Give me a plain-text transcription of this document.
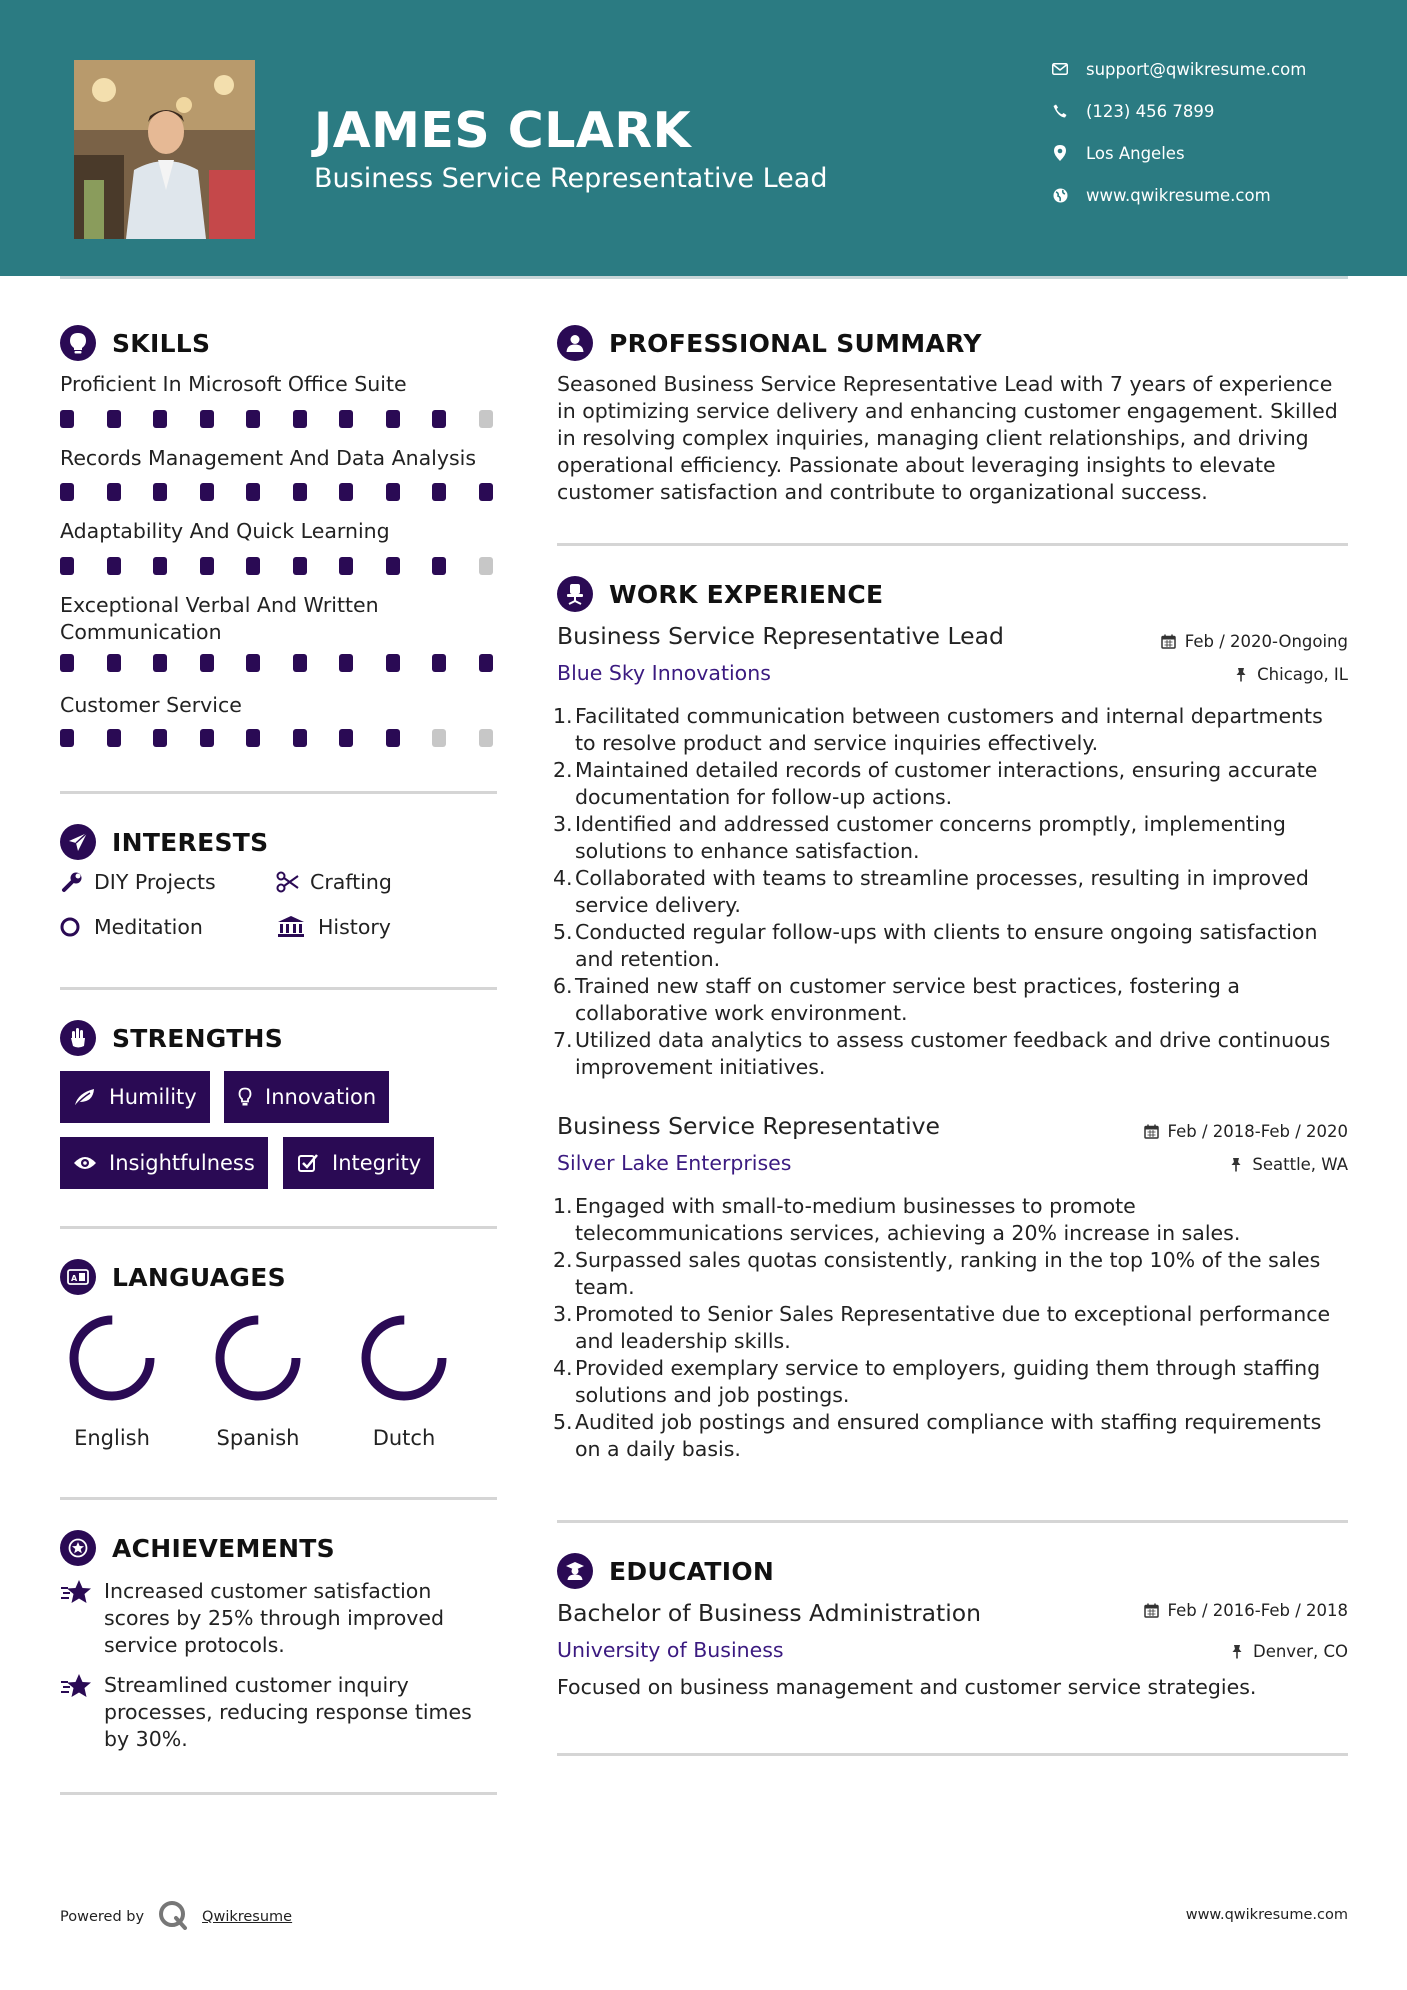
JAMES CLARK
Business Service Representative Lead
support@qwikresume.com
(123) 456 7899
Los Angeles
www.qwikresume.com
SKILLS
Proficient In Microsoft Office Suite
Records Management And Data Analysis
Adaptability And Quick Learning
Exceptional Verbal And Written Communication
Customer Service
INTERESTS
DIY Projects	Crafting
Meditation	History
STRENGTHS
Humility	Innovation
Insightfulness	Integrity
A LANGUAGES
English	Spanish	Dutch
ACHIEVEMENTS
Increased customer satisfaction scores by 25% through improved service protocols.
Streamlined customer inquiry processes, reducing response times by 30%.
PROFESSIONAL SUMMARY
Seasoned Business Service Representative Lead with 7 years of experience in optimizing service delivery and enhancing customer engagement. Skilled in resolving complex inquiries, managing client relationships, and driving operational efficiency. Passionate about leveraging insights to elevate customer satisfaction and contribute to organizational success.
WORK EXPERIENCE
Business Service Representative Lead	Feb / 2020-Ongoing
Blue Sky Innovations	Chicago, IL
1. Facilitated communication between customers and internal departments to resolve product and service inquiries effectively.
2. Maintained detailed records of customer interactions, ensuring accurate documentation for follow-up actions.
3. Identified and addressed customer concerns promptly, implementing solutions to enhance satisfaction.
4. Collaborated with teams to streamline processes, resulting in improved service delivery.
5. Conducted regular follow-ups with clients to ensure ongoing satisfaction and retention.
6. Trained new staff on customer service best practices, fostering a collaborative work environment.
7. Utilized data analytics to assess customer feedback and drive continuous improvement initiatives.
Business Service Representative	Feb / 2018-Feb / 2020
Silver Lake Enterprises	Seattle, WA
1. Engaged with small-to-medium businesses to promote telecommunications services, achieving a 20% increase in sales.
2. Surpassed sales quotas consistently, ranking in the top 10% of the sales team.
3. Promoted to Senior Sales Representative due to exceptional performance and leadership skills.
4. Provided exemplary service to employers, guiding them through staffing solutions and job postings.
5. Audited job postings and ensured compliance with staffing requirements on a daily basis.
EDUCATION
Bachelor of Business Administration	Feb / 2016-Feb / 2018
University of Business	Denver, CO
Focused on business management and customer service strategies.
Powered by	Qwikresume	www.qwikresume.com
